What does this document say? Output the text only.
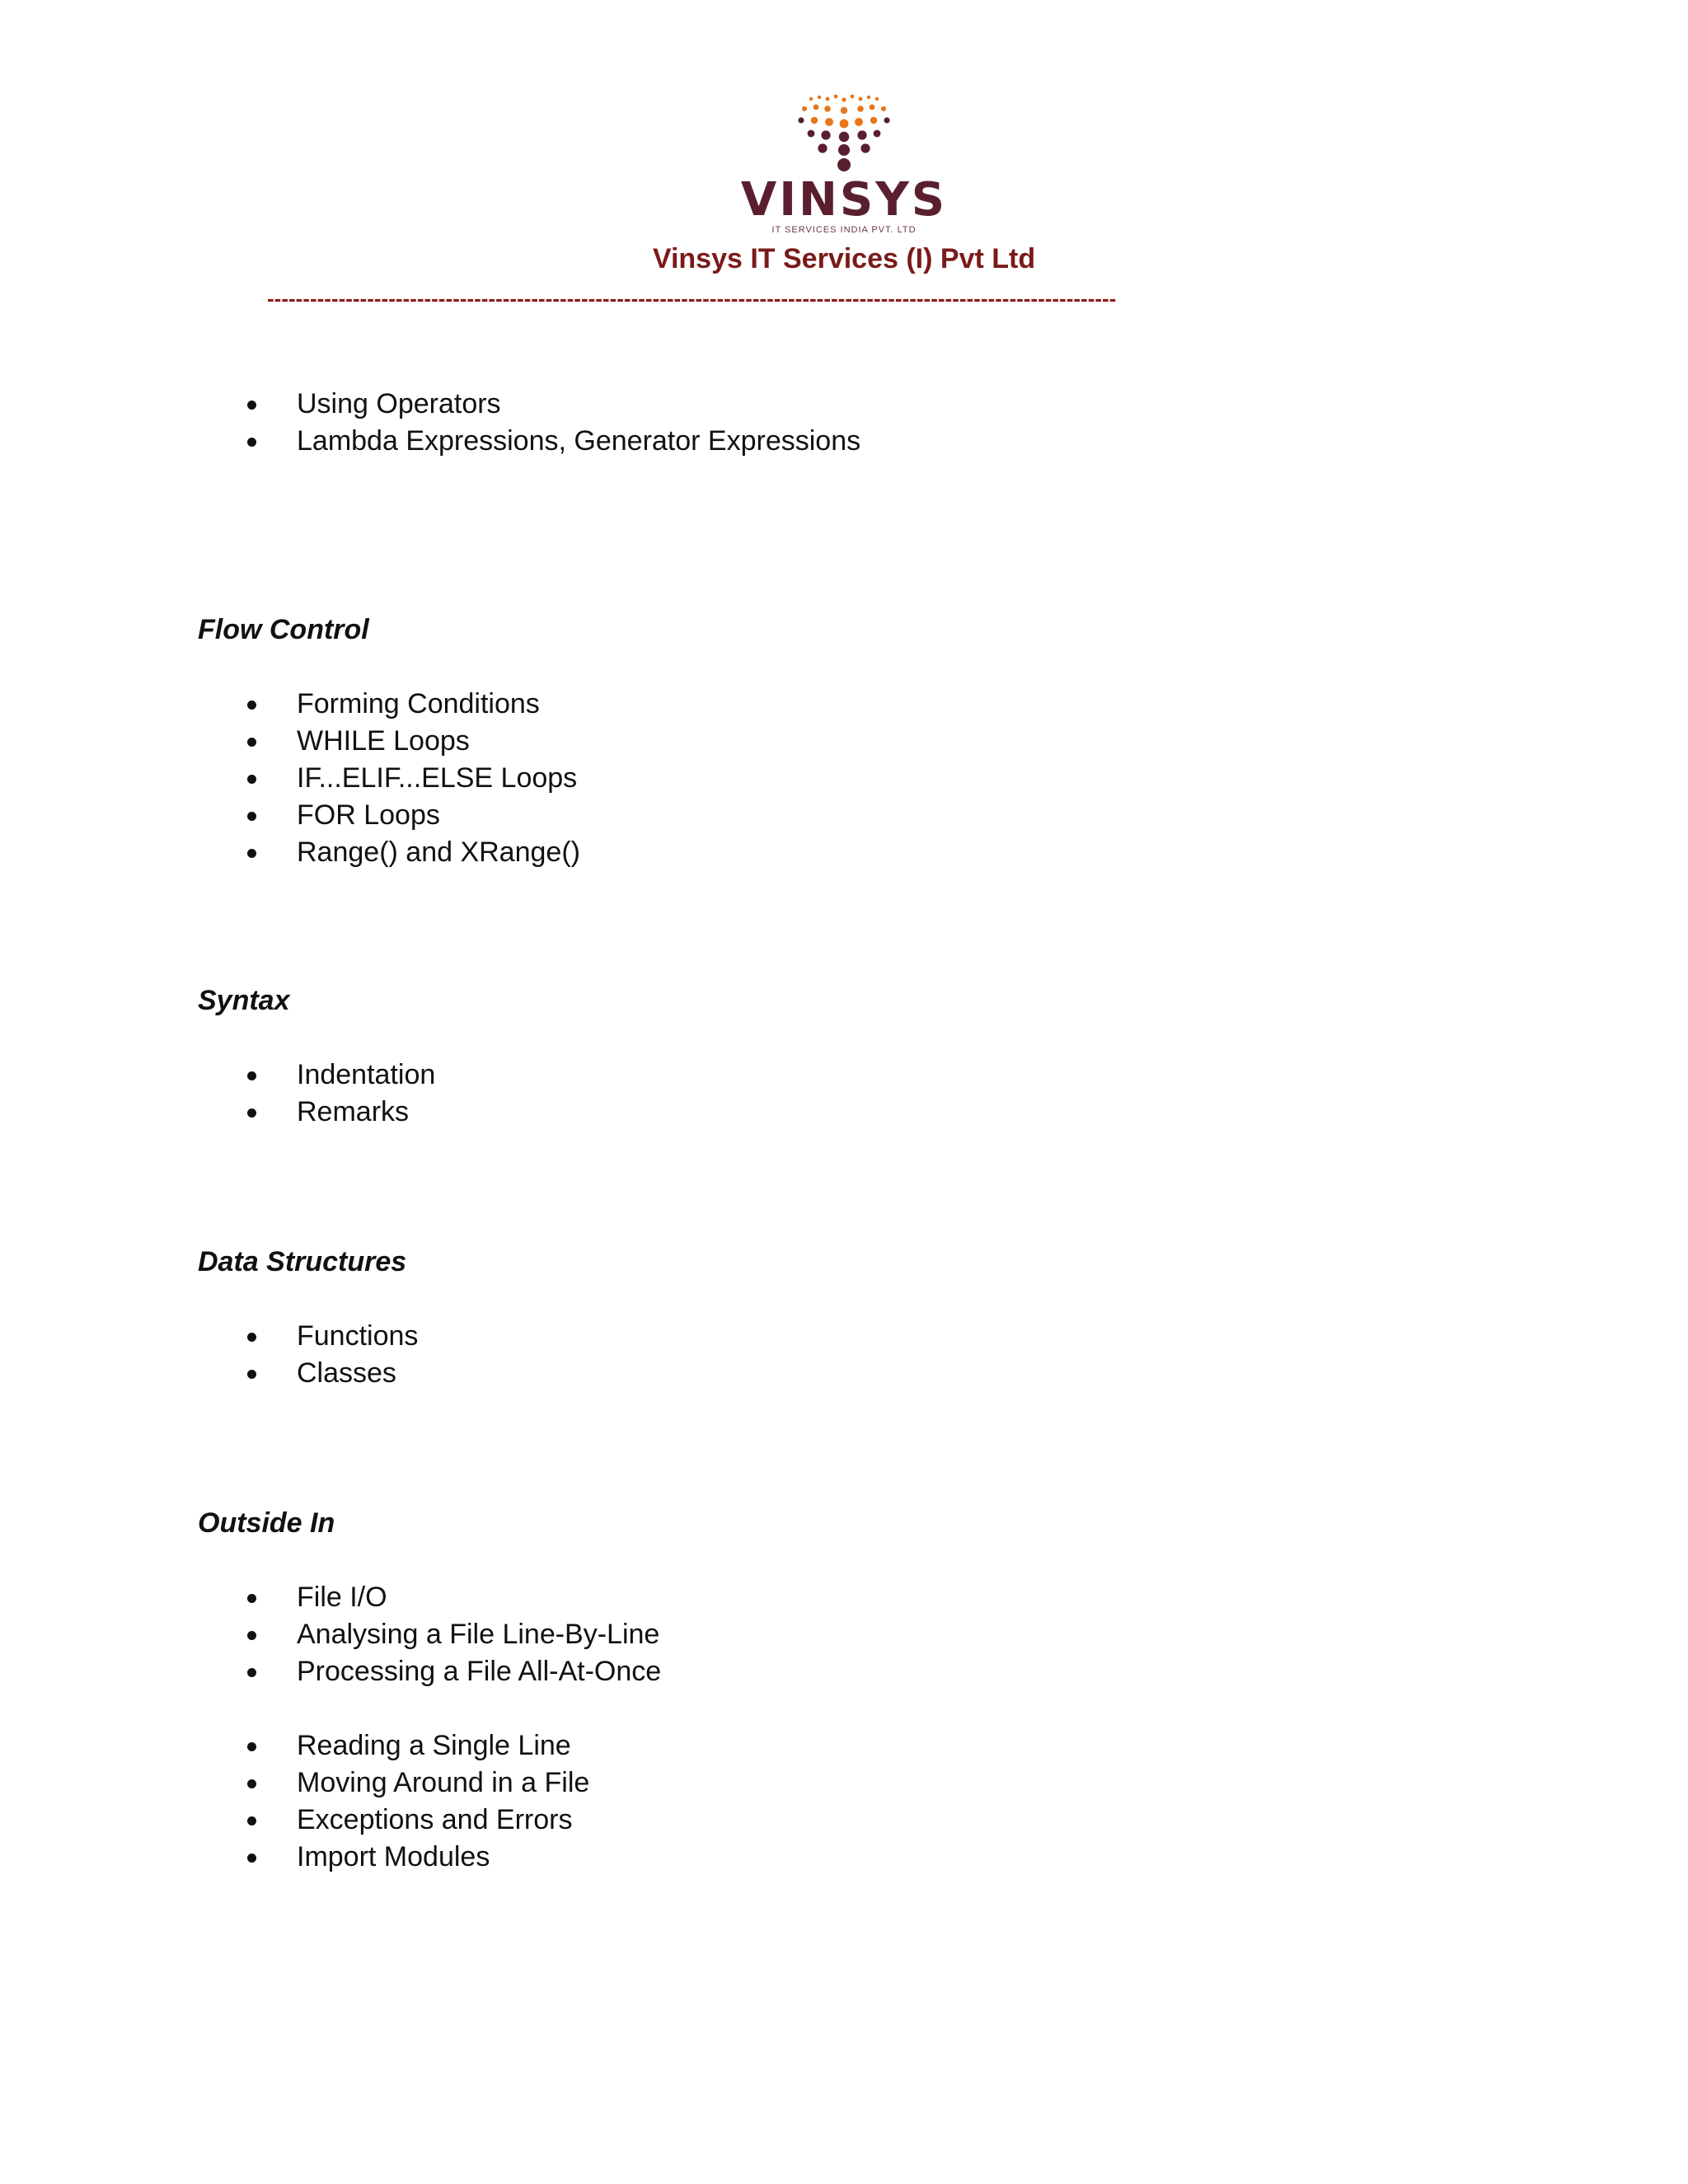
VINSYS
IT SERVICES INDIA PVT. LTD
Vinsys IT Services (I) Pvt Ltd
-----------------------------------------------------------------------------------------------------------------------
Using Operators
Lambda Expressions, Generator Expressions
Flow Control
Forming Conditions
WHILE Loops
IF...ELIF...ELSE Loops
FOR Loops
Range() and XRange()
Syntax
Indentation
Remarks
Data Structures
Functions
Classes
Outside In
File I/O
Analysing a File Line-By-Line
Processing a File All-At-Once
Reading a Single Line
Moving Around in a File
Exceptions and Errors
Import Modules
